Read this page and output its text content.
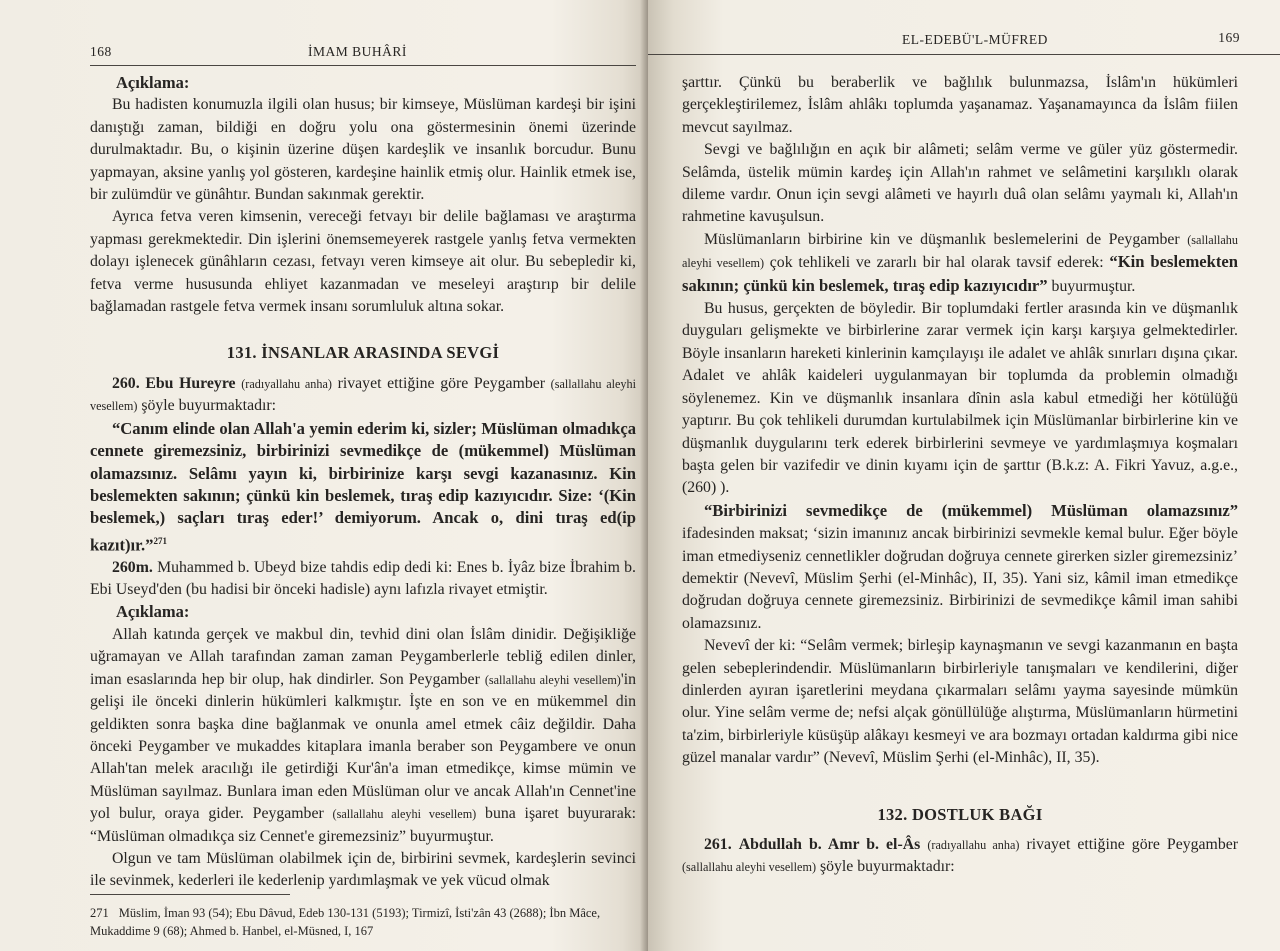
168	İMAM BUHÂRİ

Açıklama:

Bu hadisten konumuzla ilgili olan husus; bir kimseye, Müslüman kardeşi bir işini danıştığı zaman, bildiği en doğru yolu ona göstermesinin önemi üzerinde durulmaktadır. Bu, o kişinin üzerine düşen kardeşlik ve insanlık borcudur. Bunu yapmayan, aksine yanlış yol gösteren, kardeşine hainlik etmiş olur. Hainlik etmek ise, bir zulümdür ve günâhtır. Bundan sakınmak gerektir.

Ayrıca fetva veren kimsenin, vereceği fetvayı bir delile bağlaması ve araştırma yapması gerekmektedir. Din işlerini önemsemeyerek rastgele yanlış fetva vermekten dolayı işlenecek günâhların cezası, fetvayı veren kimseye ait olur. Bu sebepledir ki, fetva verme hususunda ehliyet kazanmadan ve meseleyi araştırıp bir delile bağlamadan rastgele fetva vermek insanı sorumluluk altına sokar.

131. İNSANLAR ARASINDA SEVGİ

260. Ebu Hureyre (radıyallahu anha) rivayet ettiğine göre Peygamber (sallallahu aleyhi vesellem) şöyle buyurmaktadır:

“Canım elinde olan Allah'a yemin ederim ki, sizler; Müslüman olmadıkça cennete giremezsiniz, birbirinizi sevmedikçe de (mükemmel) Müslüman olamazsınız. Selâmı yayın ki, birbirinize karşı sevgi kazanasınız. Kin beslemekten sakının; çünkü kin beslemek, tıraş edip kazıyıcıdır. Size: ‘(Kin beslemek,) saçları tıraş eder!’ demiyorum. Ancak o, dini tıraş ed(ip kazıt)ır.”$^{271}$

260m. Muhammed b. Ubeyd bize tahdis edip dedi ki: Enes b. İyâz bize İbrahim b. Ebi Useyd'den (bu hadisi bir önceki hadisle) aynı lafızla rivayet etmiştir.

Açıklama:

Allah katında gerçek ve makbul din, tevhid dini olan İslâm dinidir. Değişikliğe uğramayan ve Allah tarafından zaman zaman Peygamberlerle tebliğ edilen dinler, iman esaslarında hep bir olup, hak dindirler. Son Peygamber (sallallahu aleyhi vesellem)'in gelişi ile önceki dinlerin hükümleri kalkmıştır. İşte en son ve en mükemmel din geldikten sonra başka dine bağlanmak ve onunla amel etmek câiz değildir. Daha önceki Peygamber ve mukaddes kitaplara imanla beraber son Peygambere ve onun Allah'tan melek aracılığı ile getirdiği Kur'ân'a iman etmedikçe, kimse mümin ve Müslüman sayılmaz. Bunlara iman eden Müslüman olur ve ancak Allah'ın Cennet'ine yol bulur, oraya gider. Peygamber (sallallahu aleyhi vesellem) buna işaret buyurarak: “Müslüman olmadıkça siz Cennet'e giremezsiniz” buyurmuştur.

Olgun ve tam Müslüman olabilmek için de, birbirini sevmek, kardeşlerin sevinci ile sevinmek, kederleri ile kederlenip yardımlaşmak ve yek vücud olmak

271 Müslim, İman 93 (54); Ebu Dâvud, Edeb 130-131 (5193); Tirmizî, İsti'zân 43 (2688); İbn Mâce, Mukaddime 9 (68); Ahmed b. Hanbel, el-Müsned, I, 167
EL-EDEBÜ'L-MÜFRED	169

şarttır. Çünkü bu beraberlik ve bağlılık bulunmazsa, İslâm'ın hükümleri gerçekleştirilemez, İslâm ahlâkı toplumda yaşanamaz. Yaşanamayınca da İslâm fiilen mevcut sayılmaz.

Sevgi ve bağlılığın en açık bir alâmeti; selâm verme ve güler yüz göstermedir. Selâmda, üstelik mümin kardeş için Allah'ın rahmet ve selâmetini karşılıklı olarak dileme vardır. Onun için sevgi alâmeti ve hayırlı duâ olan selâmı yaymalı ki, Allah'ın rahmetine kavuşulsun.

Müslümanların birbirine kin ve düşmanlık beslemelerini de Peygamber (sallallahu aleyhi vesellem) çok tehlikeli ve zararlı bir hal olarak tavsif ederek: “Kin beslemekten sakının; çünkü kin beslemek, tıraş edip kazıyıcıdır” buyurmuştur.

Bu husus, gerçekten de böyledir. Bir toplumdaki fertler arasında kin ve düşmanlık duyguları gelişmekte ve birbirlerine zarar vermek için karşı karşıya gelmektedirler. Böyle insanların hareketi kinlerinin kamçılayışı ile adalet ve ahlâk sınırları dışına çıkar. Adalet ve ahlâk kaideleri uygulanmayan bir toplumda da problemin olmadığı söylenemez. Kin ve düşmanlık insanlara dînin asla kabul etmediği her kötülüğü yaptırır. Bu çok tehlikeli durumdan kurtulabilmek için Müslümanlar birbirlerine kin ve düşmanlık duygularını terk ederek birbirlerini sevmeye ve yardımlaşmıya koşmaları başta gelen bir vazifedir ve dinin kıyamı için de şarttır (B.k.z: A. Fikri Yavuz, a.g.e., (260) ).

“Birbirinizi sevmedikçe de (mükemmel) Müslüman olamazsınız” ifadesinden maksat; ‘sizin imanınız ancak birbirinizi sevmekle kemal bulur. Eğer böyle iman etmediyseniz cennetlikler doğrudan doğruya cennete girerken sizler giremezsiniz’ demektir (Nevevî, Müslim Şerhi (el-Minhâc), II, 35). Yani siz, kâmil iman etmedikçe doğrudan doğruya cennete giremezsiniz. Birbirinizi de sevmedikçe kâmil iman sahibi olamazsınız.

Nevevî der ki: “Selâm vermek; birleşip kaynaşmanın ve sevgi kazanmanın en başta gelen sebeplerindendir. Müslümanların birbirleriyle tanışmaları ve kendilerini, diğer dinlerden ayıran işaretlerini meydana çıkarmaları selâmı yayma sayesinde mümkün olur. Yine selâm verme de; nefsi alçak gönüllülüğe alıştırma, Müslümanların hürmetini ta'zim, birbirleriyle küsüşüp alâkayı kesmeyi ve ara bozmayı ortadan kaldırma gibi nice güzel manalar vardır” (Nevevî, Müslim Şerhi (el-Minhâc), II, 35).

132. DOSTLUK BAĞI

261. Abdullah b. Amr b. el-Âs (radıyallahu anha) rivayet ettiğine göre Peygamber (sallallahu aleyhi vesellem) şöyle buyurmaktadır:
